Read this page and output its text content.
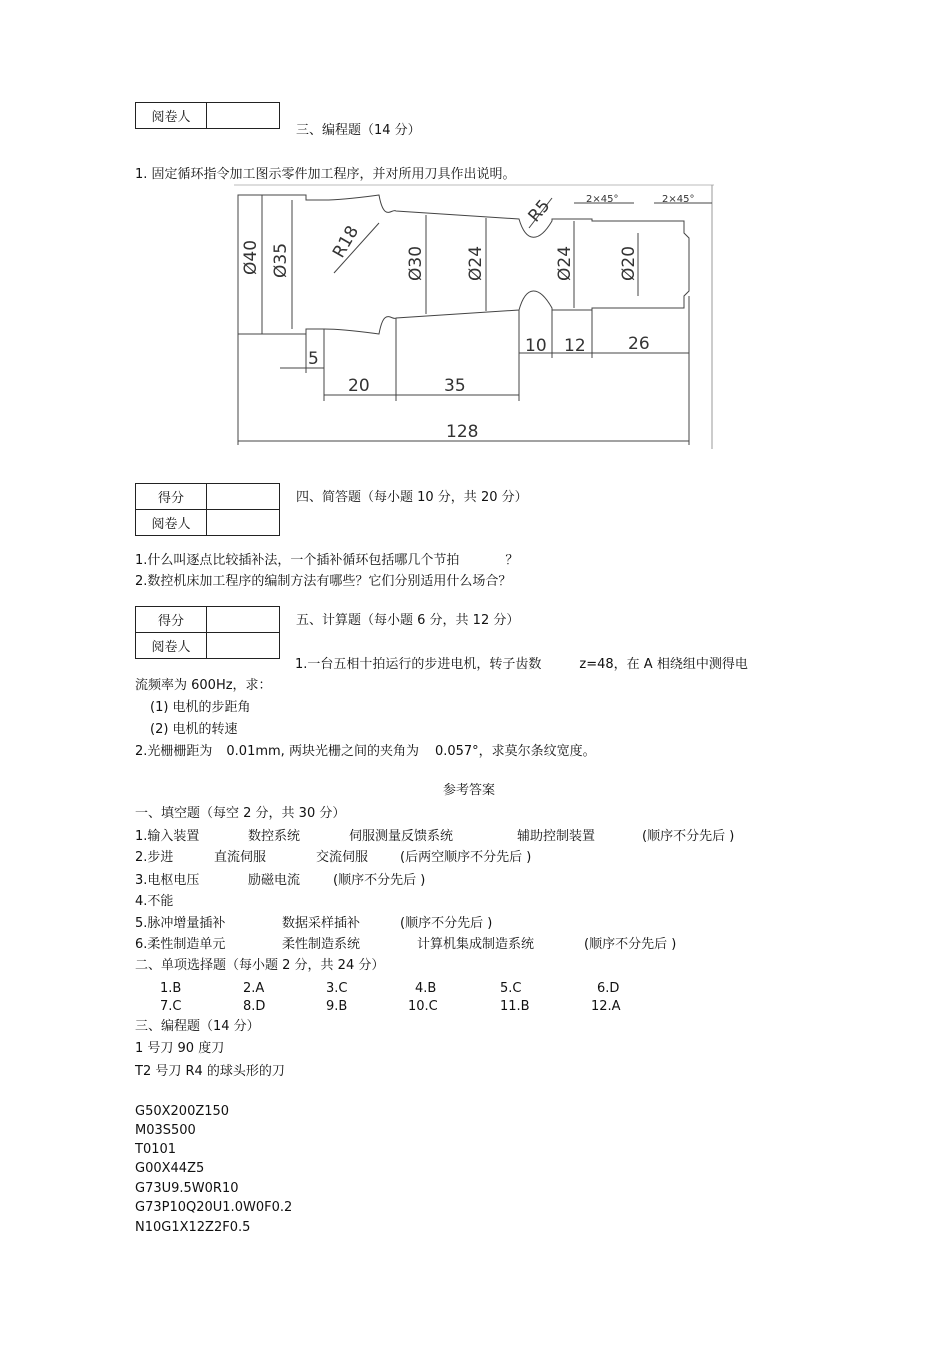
阅卷人	
三、编程题（14 分）
1. 固定循环指令加工图示零件加工程序，并对所用刀具作出说明。
Ø40 Ø35 R18
Ø30 Ø24
R5
Ø24	Ø20
5
20	35
10 12 26
128
2×45°	2×45°
得分	
阅卷人	
四、简答题（每小题 10 分，共 20 分）
1.什么叫逐点比较插补法，一个插补循环包括哪几个节拍	？
2.数控机床加工程序的编制方法有哪些？它们分别适用什么场合？
得分	
阅卷人	
五、计算题（每小题 6 分，共 12 分）
1.一台五相十拍运行的步进电机，转子齿数	z=48，在 A 相绕组中测得电
流频率为 600Hz，求：
(1) 电机的步距角
(2) 电机的转速
2.光栅栅距为 0.01mm, 两块光栅之间的夹角为 0.057°，求莫尔条纹宽度。
参考答案
一、填空题（每空 2 分，共 30 分）
1.输入装置	数控系统	伺服测量反馈系统	辅助控制装置	(顺序不分先后 )
2.步进	直流伺服	交流伺服 (后两空顺序不分先后 )
3.电枢电压	励磁电流	(顺序不分先后 )
4.不能
5.脉冲增量插补	数据采样插补	(顺序不分先后 )
6.柔性制造单元	柔性制造系统	计算机集成制造系统	(顺序不分先后 )
二、单项选择题（每小题 2 分，共 24 分）
1.B	2.A	3.C	4.B	5.C	6.D
7.C	8.D	9.B	10.C	11.B	12.A
三、编程题（14 分）
1 号刀 90 度刀
T2 号刀 R4 的球头形的刀
G50X200Z150
M03S500
T0101
G00X44Z5
G73U9.5W0R10
G73P10Q20U1.0W0F0.2
N10G1X12Z2F0.5
